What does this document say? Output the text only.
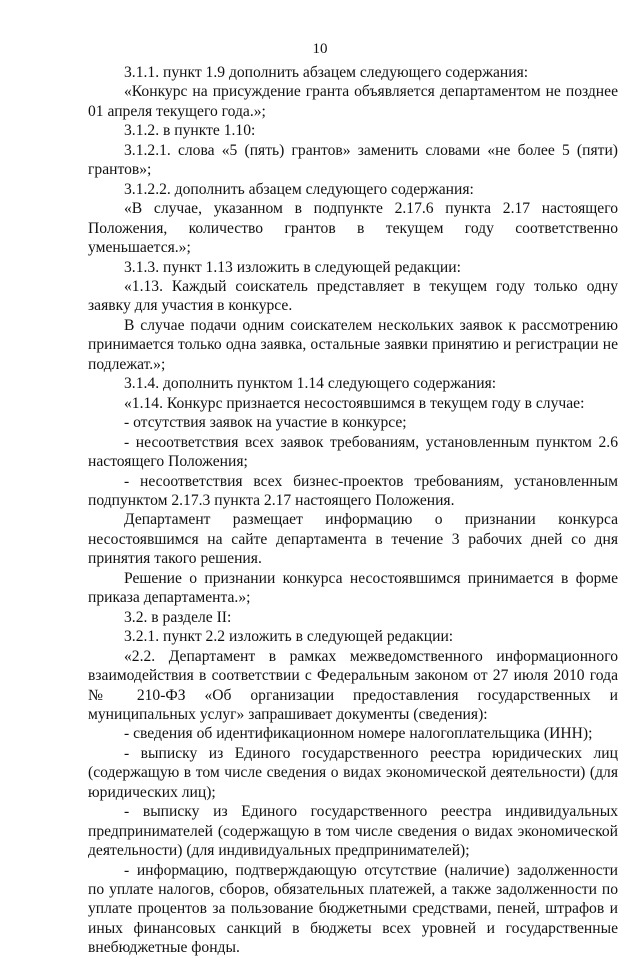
10

3.1.1. пункт 1.9 дополнить абзацем следующего содержания:

«Конкурс на присуждение гранта объявляется департаментом не позднее 01 апреля текущего года.»;

3.1.2. в пункте 1.10:

3.1.2.1. слова «5 (пять) грантов» заменить словами «не более 5 (пяти) грантов»;

3.1.2.2. дополнить абзацем следующего содержания:

«В случае, указанном в подпункте 2.17.6 пункта 2.17 настоящего Положения, количество грантов в текущем году соответственно уменьшается.»;

3.1.3. пункт 1.13 изложить в следующей редакции:

«1.13. Каждый соискатель представляет в текущем году только одну заявку для участия в конкурсе.

В случае подачи одним соискателем нескольких заявок к рассмотрению принимается только одна заявка, остальные заявки принятию и регистрации не подлежат.»;

3.1.4. дополнить пунктом 1.14 следующего содержания:

«1.14. Конкурс признается несостоявшимся в текущем году в случае:

- отсутствия заявок на участие в конкурсе;

- несоответствия всех заявок требованиям, установленным пунктом 2.6 настоящего Положения;

- несоответствия всех бизнес-проектов требованиям, установленным подпунктом 2.17.3 пункта 2.17 настоящего Положения.

Департамент размещает информацию о признании конкурса несостоявшимся на сайте департамента в течение 3 рабочих дней со дня принятия такого решения.

Решение о признании конкурса несостоявшимся принимается в форме приказа департамента.»;

3.2. в разделе II:

3.2.1. пункт 2.2 изложить в следующей редакции:

«2.2. Департамент в рамках межведомственного информационного взаимодействия в соответствии с Федеральным законом от 27 июля 2010 года № 210-ФЗ «Об организации предоставления государственных и муниципальных услуг» запрашивает документы (сведения):

- сведения об идентификационном номере налогоплательщика (ИНН);

- выписку из Единого государственного реестра юридических лиц (содержащую в том числе сведения о видах экономической деятельности) (для юридических лиц);

- выписку из Единого государственного реестра индивидуальных предпринимателей (содержащую в том числе сведения о видах экономической деятельности) (для индивидуальных предпринимателей);

- информацию, подтверждающую отсутствие (наличие) задолженности по уплате налогов, сборов, обязательных платежей, а также задолженности по уплате процентов за пользование бюджетными средствами, пеней, штрафов и иных финансовых санкций в бюджеты всех уровней и государственные внебюджетные фонды.
